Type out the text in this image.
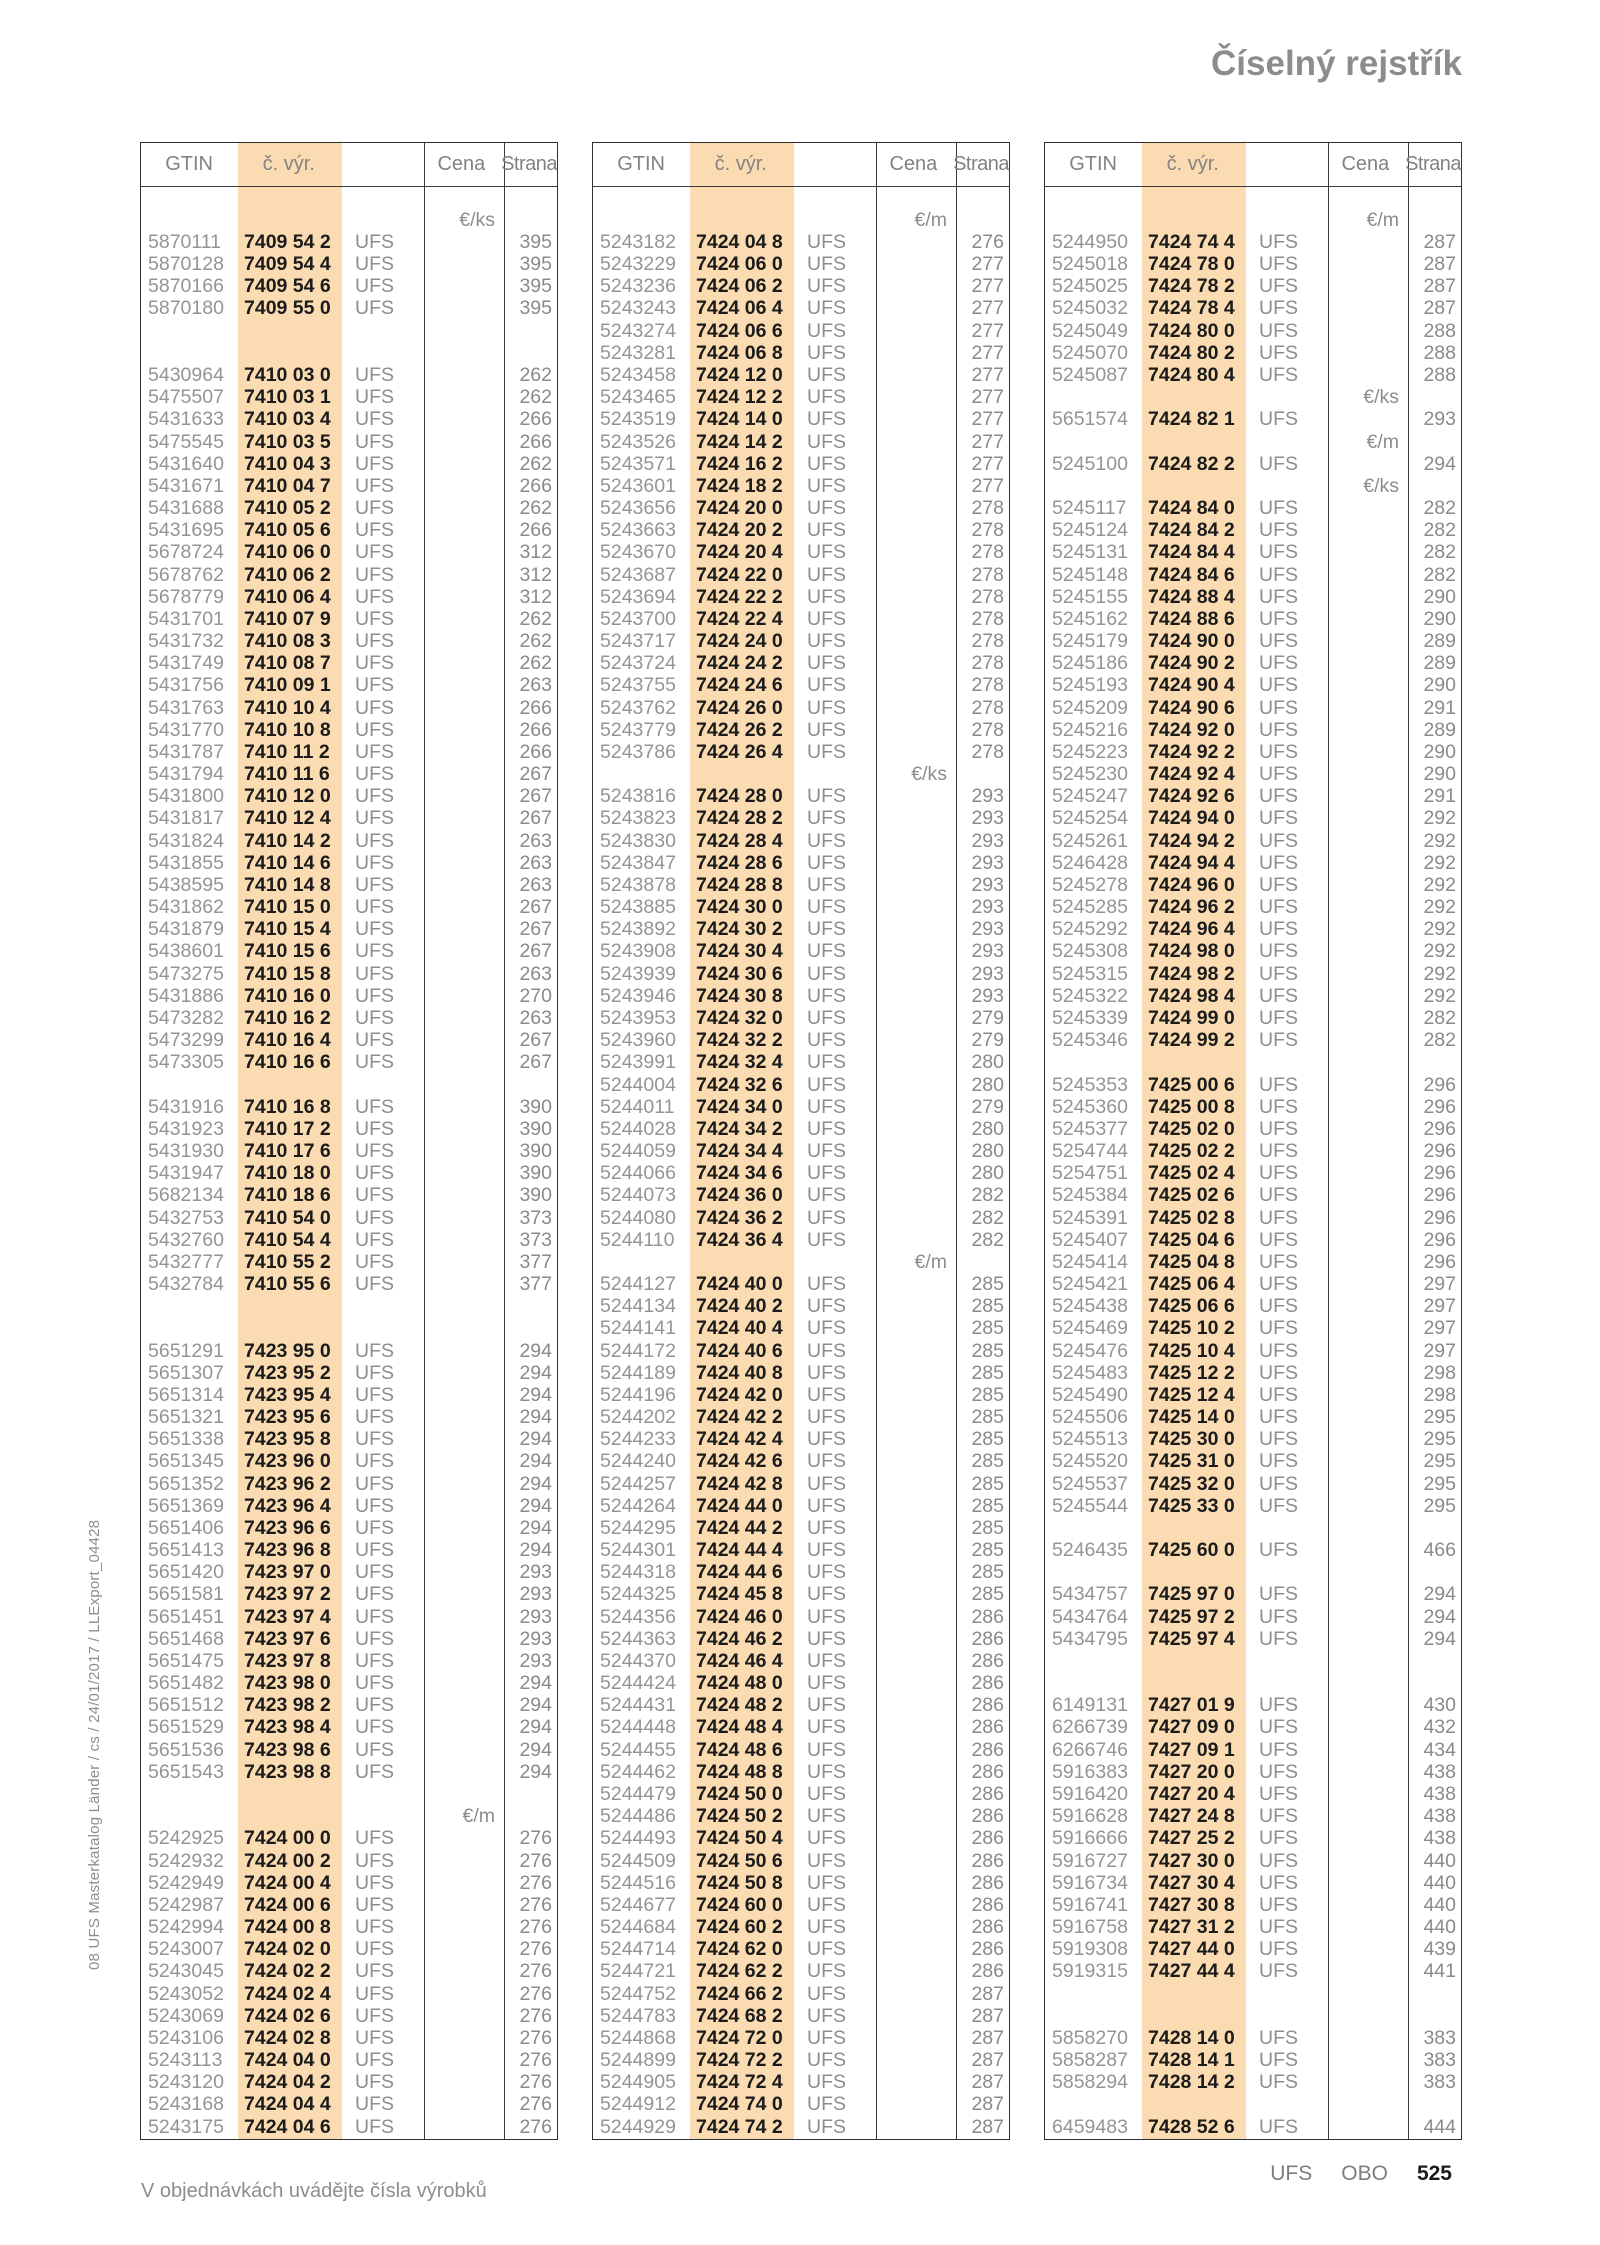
Číselný rejstřík
08 UFS Masterkatalog Länder / cs / 24/01/2017 / LLExport_04428
GTIN	č. výr.	Cena Strana
€/ks
5870111	7409 54 2	UFS	395
5870128	7409 54 4	UFS	395
5870166	7409 54 6	UFS	395
5870180	7409 55 0	UFS	395
5430964	7410 03 0	UFS	262
5475507	7410 03 1	UFS	262
5431633	7410 03 4	UFS	266
5475545	7410 03 5	UFS	266
5431640	7410 04 3	UFS	262
5431671	7410 04 7	UFS	266
5431688	7410 05 2	UFS	262
5431695	7410 05 6	UFS	266
5678724	7410 06 0	UFS	312
5678762	7410 06 2	UFS	312
5678779	7410 06 4	UFS	312
5431701	7410 07 9	UFS	262
5431732	7410 08 3	UFS	262
5431749	7410 08 7	UFS	262
5431756	7410 09 1	UFS	263
5431763	7410 10 4	UFS	266
5431770	7410 10 8	UFS	266
5431787	7410 11 2	UFS	266
5431794	7410 11 6	UFS	267
5431800	7410 12 0	UFS	267
5431817	7410 12 4	UFS	267
5431824	7410 14 2	UFS	263
5431855	7410 14 6	UFS	263
5438595	7410 14 8	UFS	263
5431862	7410 15 0	UFS	267
5431879	7410 15 4	UFS	267
5438601	7410 15 6	UFS	267
5473275	7410 15 8	UFS	263
5431886	7410 16 0	UFS	270
5473282	7410 16 2	UFS	263
5473299	7410 16 4	UFS	267
5473305	7410 16 6	UFS	267
5431916	7410 16 8	UFS	390
5431923	7410 17 2	UFS	390
5431930	7410 17 6	UFS	390
5431947	7410 18 0	UFS	390
5682134	7410 18 6	UFS	390
5432753	7410 54 0	UFS	373
5432760	7410 54 4	UFS	373
5432777	7410 55 2	UFS	377
5432784	7410 55 6	UFS	377
5651291	7423 95 0	UFS	294
5651307	7423 95 2	UFS	294
5651314	7423 95 4	UFS	294
5651321	7423 95 6	UFS	294
5651338	7423 95 8	UFS	294
5651345	7423 96 0	UFS	294
5651352	7423 96 2	UFS	294
5651369	7423 96 4	UFS	294
5651406	7423 96 6	UFS	294
5651413	7423 96 8	UFS	294
5651420	7423 97 0	UFS	293
5651581	7423 97 2	UFS	293
5651451	7423 97 4	UFS	293
5651468	7423 97 6	UFS	293
5651475	7423 97 8	UFS	293
5651482	7423 98 0	UFS	294
5651512	7423 98 2	UFS	294
5651529	7423 98 4	UFS	294
5651536	7423 98 6	UFS	294
5651543	7423 98 8	UFS	294
€/m
5242925	7424 00 0	UFS	276
5242932	7424 00 2	UFS	276
5242949	7424 00 4	UFS	276
5242987	7424 00 6	UFS	276
5242994	7424 00 8	UFS	276
5243007	7424 02 0	UFS	276
5243045	7424 02 2	UFS	276
5243052	7424 02 4	UFS	276
5243069	7424 02 6	UFS	276
5243106	7424 02 8	UFS	276
5243113	7424 04 0	UFS	276
5243120	7424 04 2	UFS	276
5243168	7424 04 4	UFS	276
5243175	7424 04 6	UFS	276
GTIN	č. výr.	Cena Strana
€/m
5243182	7424 04 8	UFS	276
5243229	7424 06 0	UFS	277
5243236	7424 06 2	UFS	277
5243243	7424 06 4	UFS	277
5243274	7424 06 6	UFS	277
5243281	7424 06 8	UFS	277
5243458	7424 12 0	UFS	277
5243465	7424 12 2	UFS	277
5243519	7424 14 0	UFS	277
5243526	7424 14 2	UFS	277
5243571	7424 16 2	UFS	277
5243601	7424 18 2	UFS	277
5243656	7424 20 0	UFS	278
5243663	7424 20 2	UFS	278
5243670	7424 20 4	UFS	278
5243687	7424 22 0	UFS	278
5243694	7424 22 2	UFS	278
5243700	7424 22 4	UFS	278
5243717	7424 24 0	UFS	278
5243724	7424 24 2	UFS	278
5243755	7424 24 6	UFS	278
5243762	7424 26 0	UFS	278
5243779	7424 26 2	UFS	278
5243786	7424 26 4	UFS	278
€/ks
5243816	7424 28 0	UFS	293
5243823	7424 28 2	UFS	293
5243830	7424 28 4	UFS	293
5243847	7424 28 6	UFS	293
5243878	7424 28 8	UFS	293
5243885	7424 30 0	UFS	293
5243892	7424 30 2	UFS	293
5243908	7424 30 4	UFS	293
5243939	7424 30 6	UFS	293
5243946	7424 30 8	UFS	293
5243953	7424 32 0	UFS	279
5243960	7424 32 2	UFS	279
5243991	7424 32 4	UFS	280
5244004	7424 32 6	UFS	280
5244011	7424 34 0	UFS	279
5244028	7424 34 2	UFS	280
5244059	7424 34 4	UFS	280
5244066	7424 34 6	UFS	280
5244073	7424 36 0	UFS	282
5244080	7424 36 2	UFS	282
5244110	7424 36 4	UFS	282
€/m
5244127	7424 40 0	UFS	285
5244134	7424 40 2	UFS	285
5244141	7424 40 4	UFS	285
5244172	7424 40 6	UFS	285
5244189	7424 40 8	UFS	285
5244196	7424 42 0	UFS	285
5244202	7424 42 2	UFS	285
5244233	7424 42 4	UFS	285
5244240	7424 42 6	UFS	285
5244257	7424 42 8	UFS	285
5244264	7424 44 0	UFS	285
5244295	7424 44 2	UFS	285
5244301	7424 44 4	UFS	285
5244318	7424 44 6	UFS	285
5244325	7424 45 8	UFS	285
5244356	7424 46 0	UFS	286
5244363	7424 46 2	UFS	286
5244370	7424 46 4	UFS	286
5244424	7424 48 0	UFS	286
5244431	7424 48 2	UFS	286
5244448	7424 48 4	UFS	286
5244455	7424 48 6	UFS	286
5244462	7424 48 8	UFS	286
5244479	7424 50 0	UFS	286
5244486	7424 50 2	UFS	286
5244493	7424 50 4	UFS	286
5244509	7424 50 6	UFS	286
5244516	7424 50 8	UFS	286
5244677	7424 60 0	UFS	286
5244684	7424 60 2	UFS	286
5244714	7424 62 0	UFS	286
5244721	7424 62 2	UFS	286
5244752	7424 66 2	UFS	287
5244783	7424 68 2	UFS	287
5244868	7424 72 0	UFS	287
5244899	7424 72 2	UFS	287
5244905	7424 72 4	UFS	287
5244912	7424 74 0	UFS	287
5244929	7424 74 2	UFS	287
GTIN	č. výr.	Cena Strana
€/m
5244950	7424 74 4	UFS	287
5245018	7424 78 0	UFS	287
5245025	7424 78 2	UFS	287
5245032	7424 78 4	UFS	287
5245049	7424 80 0	UFS	288
5245070	7424 80 2	UFS	288
5245087	7424 80 4	UFS	288
€/ks
5651574	7424 82 1	UFS	293
€/m
5245100	7424 82 2	UFS	294
€/ks
5245117	7424 84 0	UFS	282
5245124	7424 84 2	UFS	282
5245131	7424 84 4	UFS	282
5245148	7424 84 6	UFS	282
5245155	7424 88 4	UFS	290
5245162	7424 88 6	UFS	290
5245179	7424 90 0	UFS	289
5245186	7424 90 2	UFS	289
5245193	7424 90 4	UFS	290
5245209	7424 90 6	UFS	291
5245216	7424 92 0	UFS	289
5245223	7424 92 2	UFS	290
5245230	7424 92 4	UFS	290
5245247	7424 92 6	UFS	291
5245254	7424 94 0	UFS	292
5245261	7424 94 2	UFS	292
5246428	7424 94 4	UFS	292
5245278	7424 96 0	UFS	292
5245285	7424 96 2	UFS	292
5245292	7424 96 4	UFS	292
5245308	7424 98 0	UFS	292
5245315	7424 98 2	UFS	292
5245322	7424 98 4	UFS	292
5245339	7424 99 0	UFS	282
5245346	7424 99 2	UFS	282
5245353	7425 00 6	UFS	296
5245360	7425 00 8	UFS	296
5245377	7425 02 0	UFS	296
5254744	7425 02 2	UFS	296
5254751	7425 02 4	UFS	296
5245384	7425 02 6	UFS	296
5245391	7425 02 8	UFS	296
5245407	7425 04 6	UFS	296
5245414	7425 04 8	UFS	296
5245421	7425 06 4	UFS	297
5245438	7425 06 6	UFS	297
5245469	7425 10 2	UFS	297
5245476	7425 10 4	UFS	297
5245483	7425 12 2	UFS	298
5245490	7425 12 4	UFS	298
5245506	7425 14 0	UFS	295
5245513	7425 30 0	UFS	295
5245520	7425 31 0	UFS	295
5245537	7425 32 0	UFS	295
5245544	7425 33 0	UFS	295
5246435	7425 60 0	UFS	466
5434757	7425 97 0	UFS	294
5434764	7425 97 2	UFS	294
5434795	7425 97 4	UFS	294
6149131	7427 01 9	UFS	430
6266739	7427 09 0	UFS	432
6266746	7427 09 1	UFS	434
5916383	7427 20 0	UFS	438
5916420	7427 20 4	UFS	438
5916628	7427 24 8	UFS	438
5916666	7427 25 2	UFS	438
5916727	7427 30 0	UFS	440
5916734	7427 30 4	UFS	440
5916741	7427 30 8	UFS	440
5916758	7427 31 2	UFS	440
5919308	7427 44 0	UFS	439
5919315	7427 44 4	UFS	441
5858270	7428 14 0	UFS	383
5858287	7428 14 1	UFS	383
5858294	7428 14 2	UFS	383
6459483	7428 52 6	UFS	444
V objednávkách uvádějte čísla výrobků
UFS OBO 525
